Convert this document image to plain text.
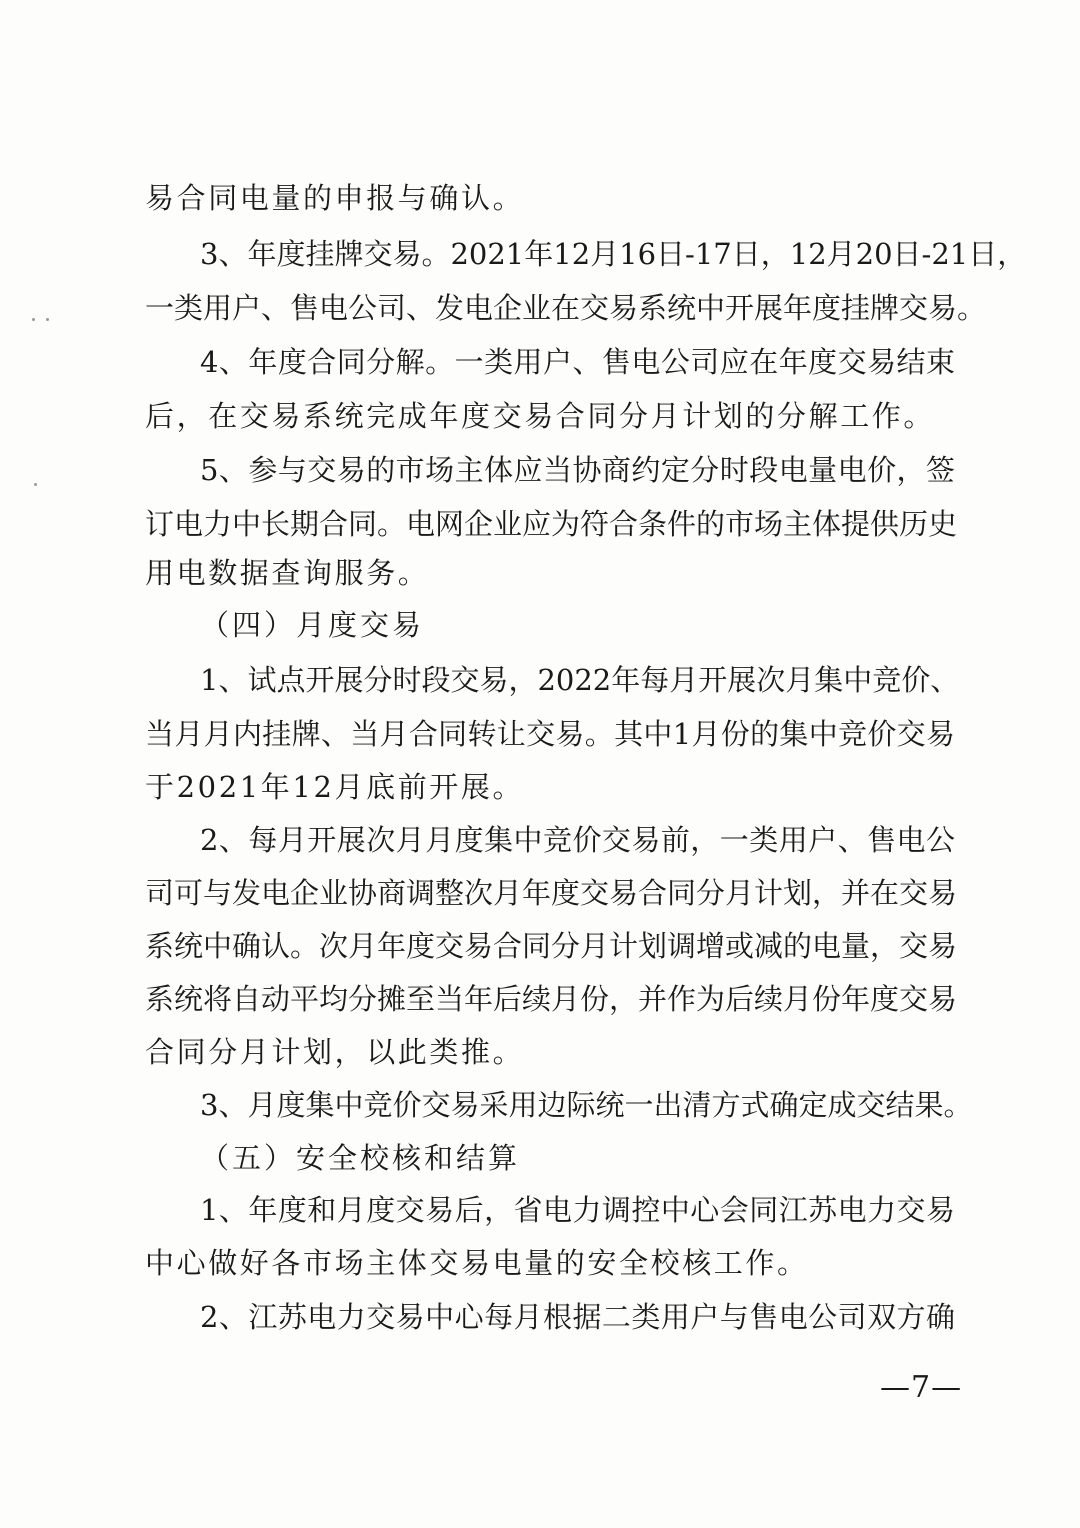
易合同电量的申报与确认。
3、年度挂牌交易。2021年12月16日-17日，12月20日-21日，
一类用户、售电公司、发电企业在交易系统中开展年度挂牌交易。
4、年度合同分解。一类用户、售电公司应在年度交易结束
后，在交易系统完成年度交易合同分月计划的分解工作。
5、参与交易的市场主体应当协商约定分时段电量电价，签
订电力中长期合同。电网企业应为符合条件的市场主体提供历史
用电数据查询服务。
（四）月度交易
1、试点开展分时段交易，2022年每月开展次月集中竞价、
当月月内挂牌、当月合同转让交易。其中1月份的集中竞价交易
于2021年12月底前开展。
2、每月开展次月月度集中竞价交易前，一类用户、售电公
司可与发电企业协商调整次月年度交易合同分月计划，并在交易
系统中确认。次月年度交易合同分月计划调增或减的电量，交易
系统将自动平均分摊至当年后续月份，并作为后续月份年度交易
合同分月计划，以此类推。
3、月度集中竞价交易采用边际统一出清方式确定成交结果。
（五）安全校核和结算
1、年度和月度交易后，省电力调控中心会同江苏电力交易
中心做好各市场主体交易电量的安全校核工作。
2、江苏电力交易中心每月根据二类用户与售电公司双方确
—7—
